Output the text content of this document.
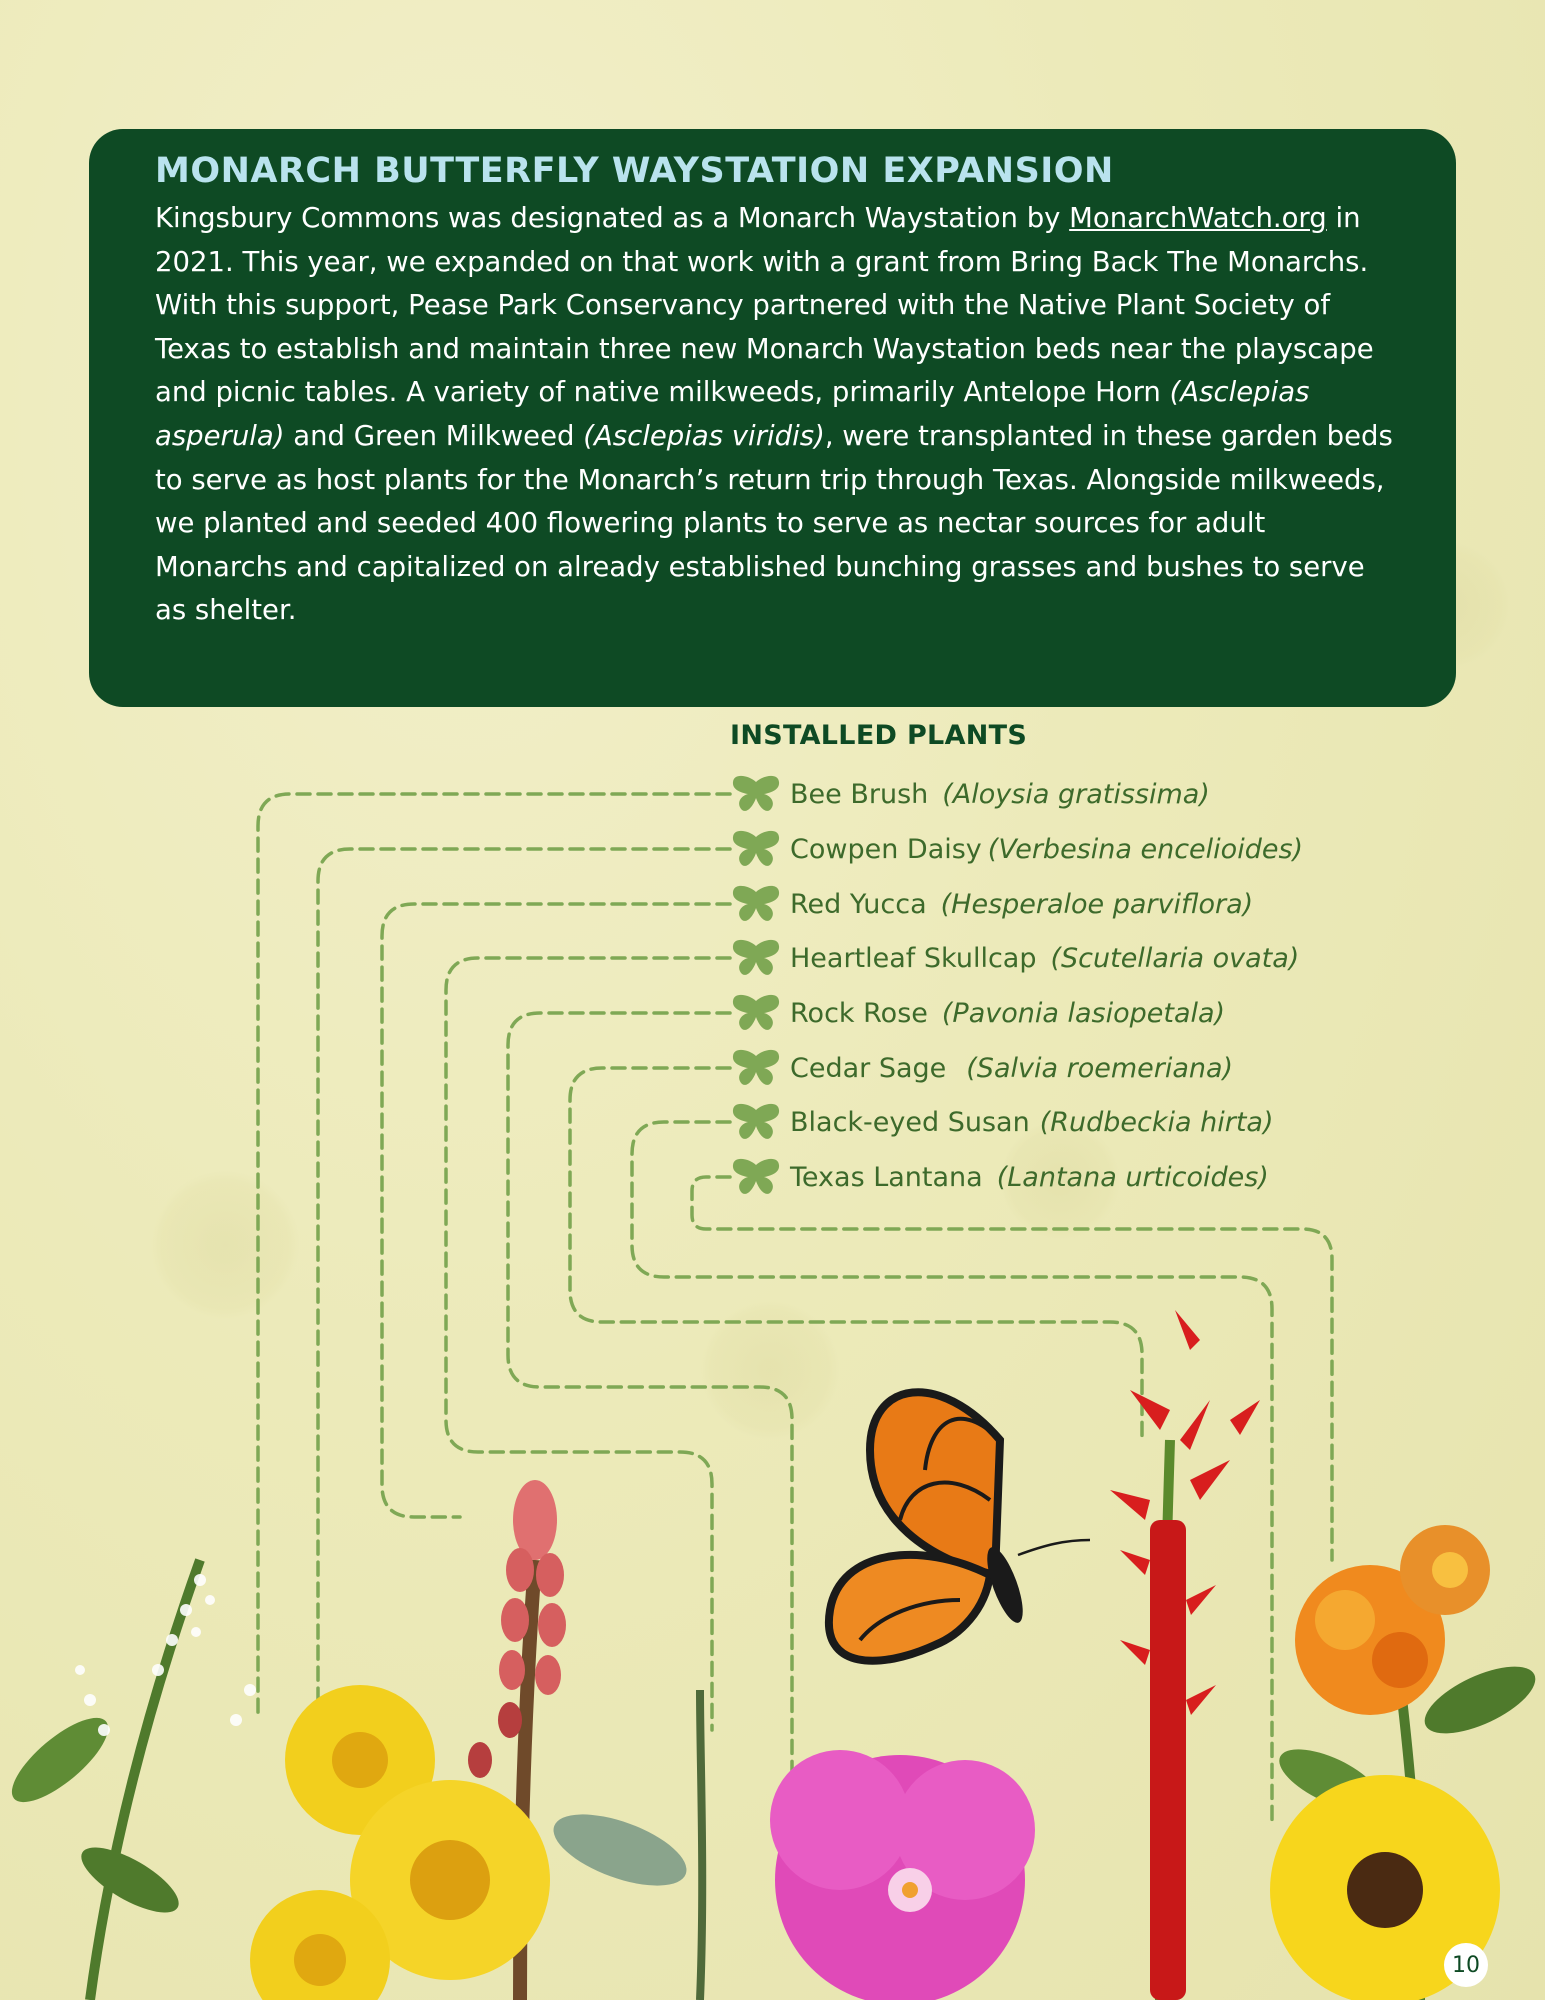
MONARCH BUTTERFLY WAYSTATION EXPANSION

Kingsbury Commons was designated as a Monarch Waystation by MonarchWatch.org in 2021. This year, we expanded on that work with a grant from Bring Back The Monarchs. With this support, Pease Park Conservancy partnered with the Native Plant Society of Texas to establish and maintain three new Monarch Waystation beds near the playscape and picnic tables. A variety of native milkweeds, primarily Antelope Horn (Asclepias asperula) and Green Milkweed (Asclepias viridis), were transplanted in these garden beds to serve as host plants for the Monarch’s return trip through Texas. Alongside milkweeds, we planted and seeded 400 flowering plants to serve as nectar sources for adult Monarchs and capitalized on already established bunching grasses and bushes to serve as shelter.

INSTALLED PLANTS
Bee Brush (Aloysia gratissima)
Cowpen Daisy (Verbesina encelioides)
Red Yucca (Hesperaloe parviflora)
Heartleaf Skullcap (Scutellaria ovata)
Rock Rose (Pavonia lasiopetala)
Cedar Sage (Salvia roemeriana)
Black-eyed Susan (Rudbeckia hirta)
Texas Lantana (Lantana urticoides)
10
